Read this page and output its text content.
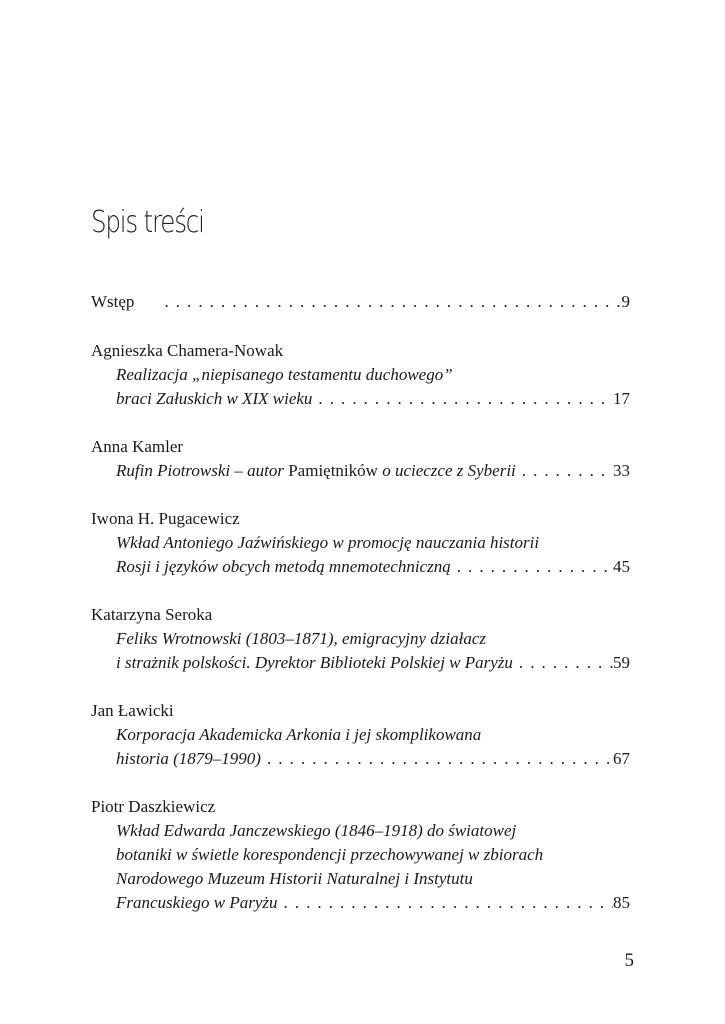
Spis treści
Wstęp . . .	9
Agnieszka Chamera-Nowak
Realizacja „niepisanego testamentu duchowego”
braci Załuskich w XIX wieku . . .	17
Anna Kamler
Rufin Piotrowski – autor Pamiętników o ucieczce z Syberii . . .	33
Iwona H. Pugacewicz
Wkład Antoniego Jaźwińskiego w promocję nauczania historii
Rosji i języków obcych metodą mnemotechniczną . . .	45
Katarzyna Seroka
Feliks Wrotnowski (1803–1871), emigracyjny działacz
i strażnik polskości. Dyrektor Biblioteki Polskiej w Paryżu . . .	59
Jan Ławicki
Korporacja Akademicka Arkonia i jej skomplikowana
historia (1879–1990) . . .	67
Piotr Daszkiewicz
Wkład Edwarda Janczewskiego (1846–1918) do światowej
botaniki w świetle korespondencji przechowywanej w zbiorach
Narodowego Muzeum Historii Naturalnej i Instytutu
Francuskiego w Paryżu . . .	85
5
